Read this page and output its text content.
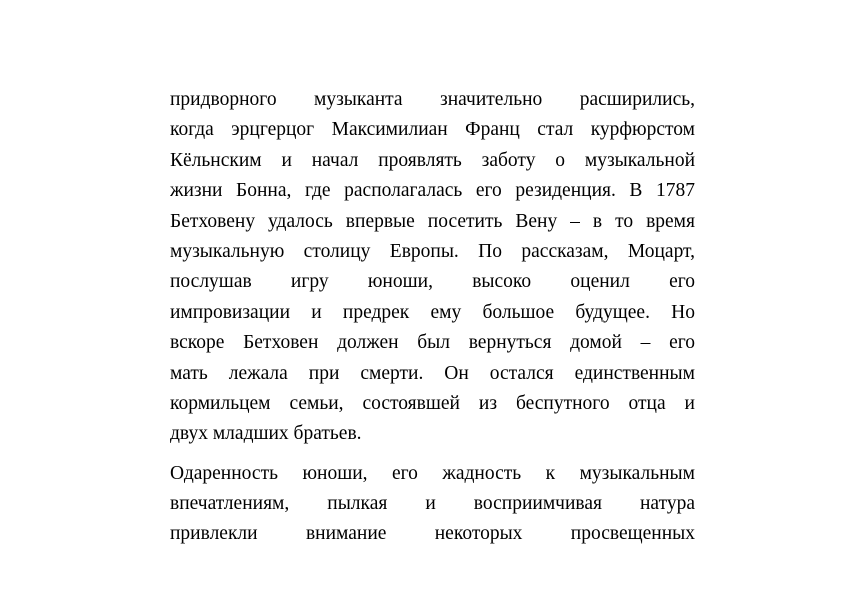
придворного музыканта значительно расширились,
когда эрцгерцог Максимилиан Франц стал курфюрстом
Кёльнским и начал проявлять заботу о музыкальной
жизни Бонна, где располагалась его резиденция. В 1787
Бетховену удалось впервые посетить Вену – в то время
музыкальную столицу Европы. По рассказам, Моцарт,
послушав игру юноши, высоко оценил его
импровизации и предрек ему большое будущее. Но
вскоре Бетховен должен был вернуться домой – его
мать лежала при смерти. Он остался единственным
кормильцем семьи, состоявшей из беспутного отца и
двух младших братьев.
Одаренность юноши, его жадность к музыкальным
впечатлениям, пылкая и восприимчивая натура
привлекли внимание некоторых просвещенных
